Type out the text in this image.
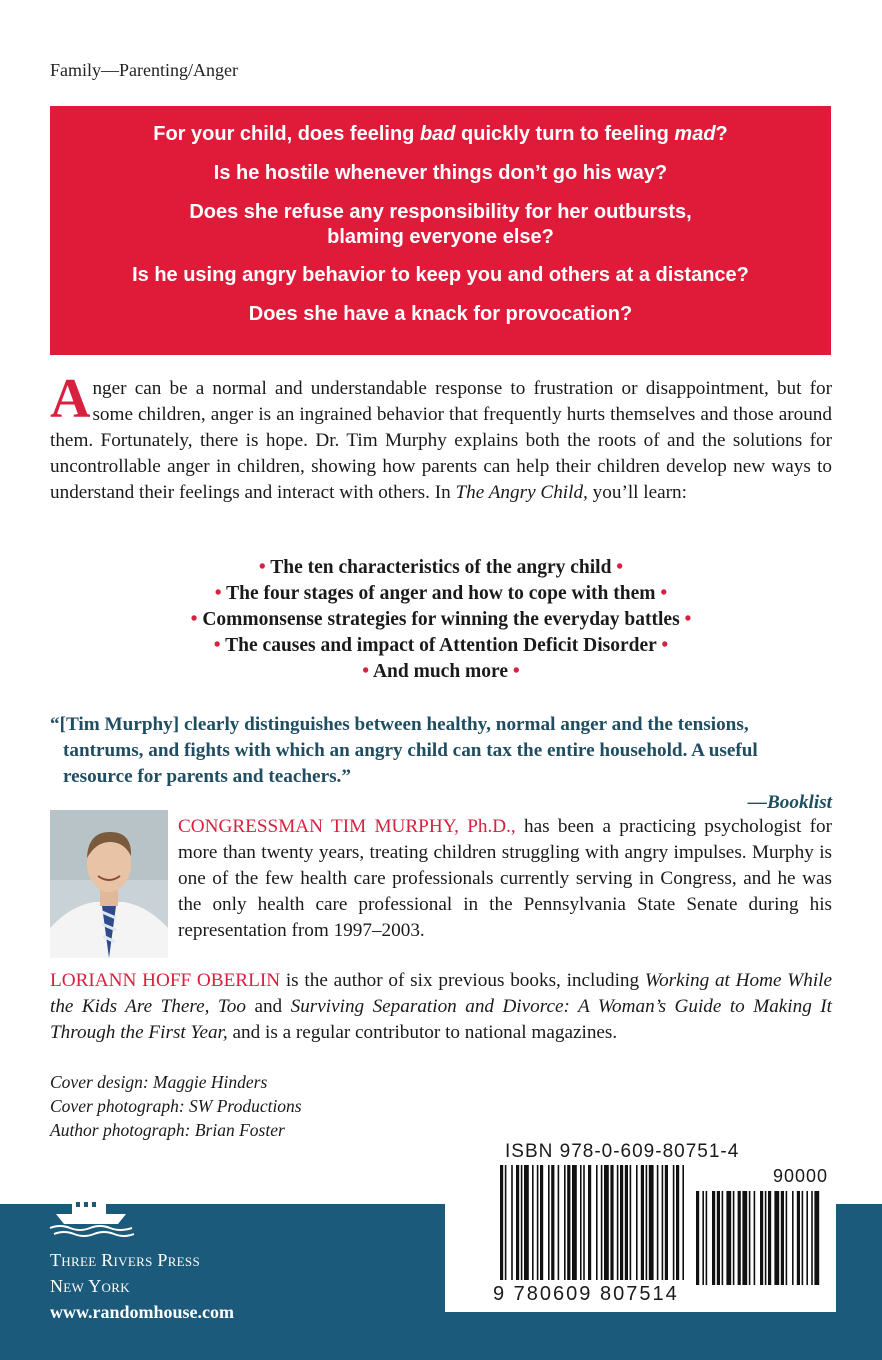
Family—Parenting/Anger
For your child, does feeling bad quickly turn to feeling mad?
Is he hostile whenever things don’t go his way?
Does she refuse any responsibility for her outbursts,
blaming everyone else?
Is he using angry behavior to keep you and others at a distance?
Does she have a knack for provocation?
Anger can be a normal and understandable response to frustration or disappointment, but for some children, anger is an ingrained behavior that frequently hurts themselves and those around them. Fortunately, there is hope. Dr. Tim Murphy explains both the roots of and the solutions for uncontrollable anger in children, showing how parents can help their children develop new ways to understand their feelings and interact with others. In The Angry Child, you’ll learn:
• The ten characteristics of the angry child •
• The four stages of anger and how to cope with them •
• Commonsense strategies for winning the everyday battles •
• The causes and impact of Attention Deficit Disorder •
• And much more •
“[Tim Murphy] clearly distinguishes between healthy, normal anger and the tensions,
tantrums, and fights with which an angry child can tax the entire household. A useful
resource for parents and teachers.”
—Booklist
CONGRESSMAN TIM MURPHY, Ph.D., has been a practicing psychologist for more than twenty years, treating children struggling with angry impulses. Murphy is one of the few health care professionals currently serving in Congress, and he was the only health care professional in the Pennsylvania State Senate during his representation from 1997–2003.
LORIANN HOFF OBERLIN is the author of six previous books, including Working at Home While the Kids Are There, Too and Surviving Separation and Divorce: A Woman’s Guide to Making It Through the First Year, and is a regular contributor to national magazines.
Cover design: Maggie Hinders
Cover photograph: SW Productions
Author photograph: Brian Foster
Three Rivers Press
New York
www.randomhouse.com
ISBN 978-0-609-80751-4
90000
9 780609 807514
